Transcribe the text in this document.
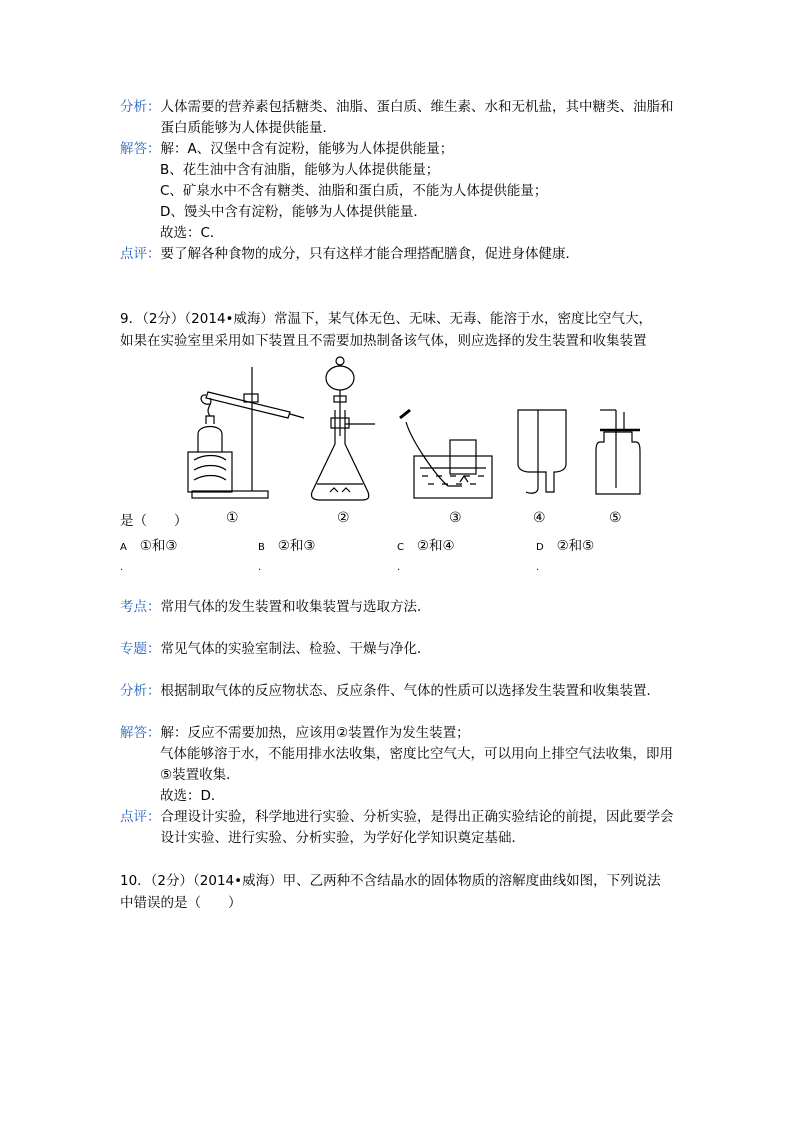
分析： 人体需要的营养素包括糖类、油脂、蛋白质、维生素、水和无机盐，其中糖类、油脂和蛋白质能够为人体提供能量．
解答： 解：A、汉堡中含有淀粉，能够为人体提供能量；
B、花生油中含有油脂，能够为人体提供能量；
C、矿泉水中不含有糖类、油脂和蛋白质，不能为人体提供能量；
D、馒头中含有淀粉，能够为人体提供能量．
故选：C．
点评： 要了解各种食物的成分，只有这样才能合理搭配膳食，促进身体健康．
9．（2分）（2014•威海）常温下，某气体无色、无味、无毒、能溶于水，密度比空气大，
如果在实验室里采用如下装置且不需要加热制备该气体，则应选择的发生装置和收集装置
是（　　）	①	②	③	④	⑤
A ①和③
.
B ②和③
.
C ②和④
.
D ②和⑤
.
考点： 常用气体的发生装置和收集装置与选取方法．
专题： 常见气体的实验室制法、检验、干燥与净化．
分析： 根据制取气体的反应物状态、反应条件、气体的性质可以选择发生装置和收集装置．
解答： 解：反应不需要加热，应该用②装置作为发生装置；
气体能够溶于水，不能用排水法收集，密度比空气大，可以用向上排空气法收集，即用⑤装置收集．
故选：D．
点评： 合理设计实验，科学地进行实验、分析实验，是得出正确实验结论的前提，因此要学会设计实验、进行实验、分析实验，为学好化学知识奠定基础．
10．（2分）（2014•威海）甲、乙两种不含结晶水的固体物质的溶解度曲线如图，下列说法
中错误的是（　　）
